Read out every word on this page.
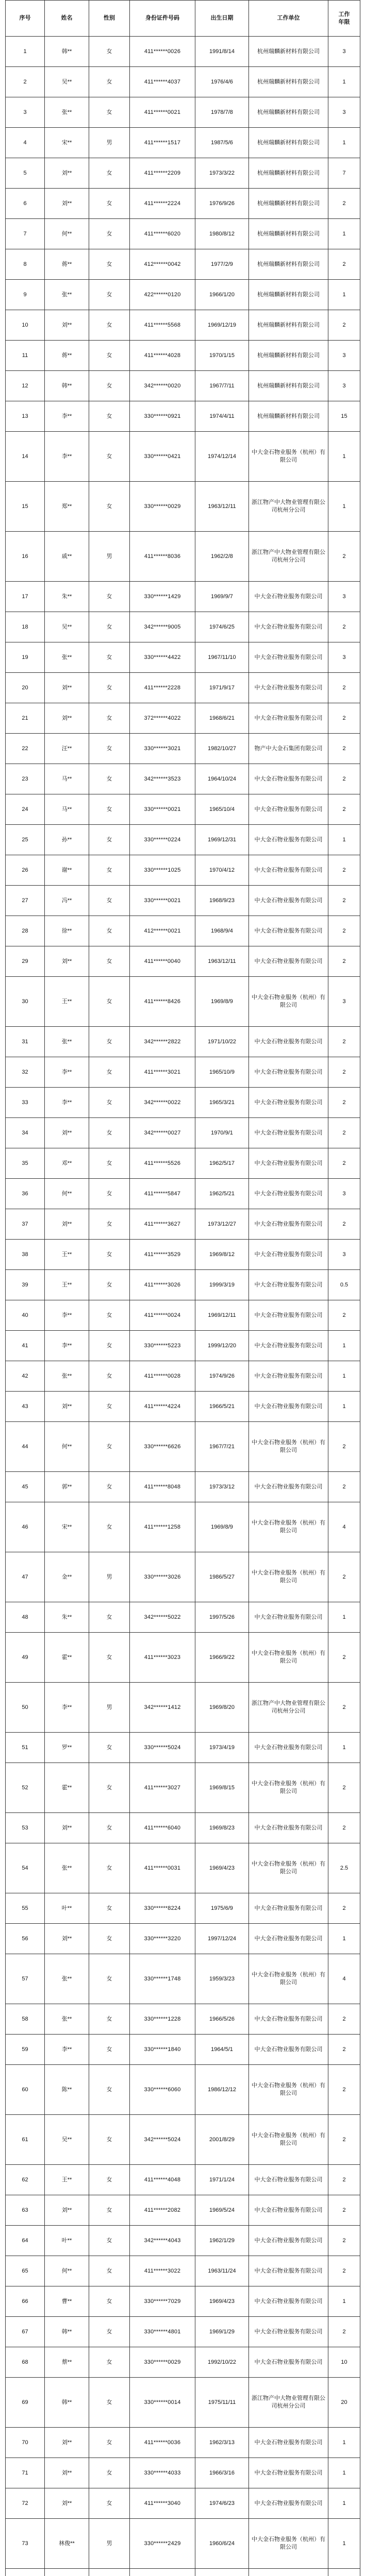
序号	姓名	性别	身份证件号码	出生日期	工作单位	工作年限
1	韩**	女	411******0026	1991/8/14	杭州瑞麟新材料有限公司	3
2	吴**	女	411******4037	1976/4/6	杭州瑞麟新材料有限公司	1
3	张**	女	411******0021	1978/7/8	杭州瑞麟新材料有限公司	3
4	宋**	男	411******1517	1987/5/6	杭州瑞麟新材料有限公司	1
5	刘**	女	411******2209	1973/3/22	杭州瑞麟新材料有限公司	7
6	刘**	女	411******2224	1976/9/26	杭州瑞麟新材料有限公司	2
7	何**	女	411******6020	1980/8/12	杭州瑞麟新材料有限公司	1
8	蒋**	女	412******0042	1977/2/9	杭州瑞麟新材料有限公司	2
9	张**	女	422******0120	1966/1/20	杭州瑞麟新材料有限公司	1
10	刘**	女	411******5568	1969/12/19	杭州瑞麟新材料有限公司	2
11	蒋**	女	411******4028	1970/1/15	杭州瑞麟新材料有限公司	3
12	韩**	女	342******0020	1967/7/11	杭州瑞麟新材料有限公司	3
13	李**	女	330******0921	1974/4/11	杭州瑞麟新材料有限公司	15
14	李**	女	330******0421	1974/12/14	中大金石物业服务（杭州）有限公司	1
15	郑**	女	330******0029	1963/12/11	浙江物产中大物业管理有限公司杭州分公司	1
16	戚**	男	411******8036	1962/2/8	浙江物产中大物业管理有限公司杭州分公司	2
17	朱**	女	330******1429	1969/9/7	中大金石物业服务有限公司	3
18	吴**	女	342******9005	1974/6/25	中大金石物业服务有限公司	2
19	张**	女	330******4422	1967/11/10	中大金石物业服务有限公司	3
20	刘**	女	411******2228	1971/9/17	中大金石物业服务有限公司	2
21	刘**	女	372******4022	1968/6/21	中大金石物业服务有限公司	2
22	汪**	女	330******3021	1982/10/27	物产中大金石集团有限公司	2
23	马**	女	342******3523	1964/10/24	中大金石物业服务有限公司	2
24	马**	女	330******0021	1965/10/4	中大金石物业服务有限公司	2
25	孙**	女	330******0224	1969/12/31	中大金石物业服务有限公司	1
26	谢**	女	330******1025	1970/4/12	中大金石物业服务有限公司	2
27	冯**	女	330******0021	1968/9/23	中大金石物业服务有限公司	2
28	徐**	女	412******0021	1968/9/4	中大金石物业服务有限公司	2
29	刘**	女	411******0040	1963/12/11	中大金石物业服务有限公司	2
30	王**	女	411******8426	1969/8/9	中大金石物业服务（杭州）有限公司	3
31	张**	女	342******2822	1971/10/22	中大金石物业服务有限公司	2
32	李**	女	411******3021	1965/10/9	中大金石物业服务有限公司	2
33	李**	女	342******0022	1965/3/21	中大金石物业服务有限公司	2
34	刘**	女	342******0027	1970/9/1	中大金石物业服务有限公司	2
35	邓**	女	411******5526	1962/5/17	中大金石物业服务有限公司	2
36	何**	女	411******5847	1962/5/21	中大金石物业服务有限公司	3
37	刘**	女	411******3627	1973/12/27	中大金石物业服务有限公司	2
38	王**	女	411******3529	1969/8/12	中大金石物业服务有限公司	3
39	王**	女	411******3026	1999/3/19	中大金石物业服务有限公司	0.5
40	李**	女	411******0024	1969/12/11	中大金石物业服务有限公司	2
41	李**	女	330******5223	1999/12/20	中大金石物业服务有限公司	1
42	张**	女	411******0028	1974/9/26	中大金石物业服务有限公司	1
43	刘**	女	411******4224	1966/5/21	中大金石物业服务有限公司	1
44	何**	女	330******6626	1967/7/21	中大金石物业服务（杭州）有限公司	2
45	郭**	女	411******8048	1973/3/12	中大金石物业服务有限公司	2
46	宋**	女	411******1258	1969/8/9	中大金石物业服务（杭州）有限公司	4
47	金**	男	330******3026	1986/5/27	中大金石物业服务（杭州）有限公司	2
48	朱**	女	342******5022	1997/5/26	中大金石物业服务有限公司	1
49	霍**	女	411******3023	1966/9/22	中大金石物业服务（杭州）有限公司	2
50	李**	男	342******1412	1969/8/20	浙江物产中大物业管理有限公司杭州分公司	2
51	罗**	女	330******5024	1973/4/19	中大金石物业服务有限公司	1
52	霍**	女	411******3027	1969/8/15	中大金石物业服务（杭州）有限公司	2
53	刘**	女	411******6040	1969/8/23	中大金石物业服务有限公司	2
54	张**	女	411******0031	1969/4/23	中大金石物业服务（杭州）有限公司	2.5
55	叶**	女	330******8224	1975/6/9	中大金石物业服务有限公司	2
56	刘**	女	330******3220	1997/12/24	中大金石物业服务有限公司	1
57	张**	女	330******1748	1959/3/23	中大金石物业服务（杭州）有限公司	4
58	张**	女	330******1228	1966/5/26	中大金石物业服务有限公司	2
59	李**	女	330******1840	1964/5/1	中大金石物业服务有限公司	2
60	陈**	女	330******6060	1986/12/12	中大金石物业服务（杭州）有限公司	2
61	吴**	女	342******5024	2001/8/29	中大金石物业服务（杭州）有限公司	2
62	王**	女	411******4048	1971/1/24	中大金石物业服务有限公司	2
63	刘**	女	411******2082	1969/5/24	中大金石物业服务有限公司	2
64	叶**	女	342******4043	1962/1/29	中大金石物业服务有限公司	2
65	何**	女	411******3022	1963/11/24	中大金石物业服务有限公司	2
66	曹**	女	330******7029	1969/4/23	中大金石物业服务有限公司	1
67	韩**	女	330******4801	1969/1/29	中大金石物业服务有限公司	2
68	蔡**	女	330******0029	1992/10/22	中大金石物业服务有限公司	10
69	韩**	女	330******0014	1975/11/11	浙江物产中大物业管理有限公司杭州分公司	20
70	刘**	女	411******0036	1962/3/13	中大金石物业服务有限公司	1
71	刘**	女	330******4033	1966/3/16	中大金石物业服务有限公司	1
72	刘**	女	411******3040	1974/6/23	中大金石物业服务有限公司	1
73	林俊**	男	330******2429	1960/6/24	中大金石物业服务（杭州）有限公司	1
